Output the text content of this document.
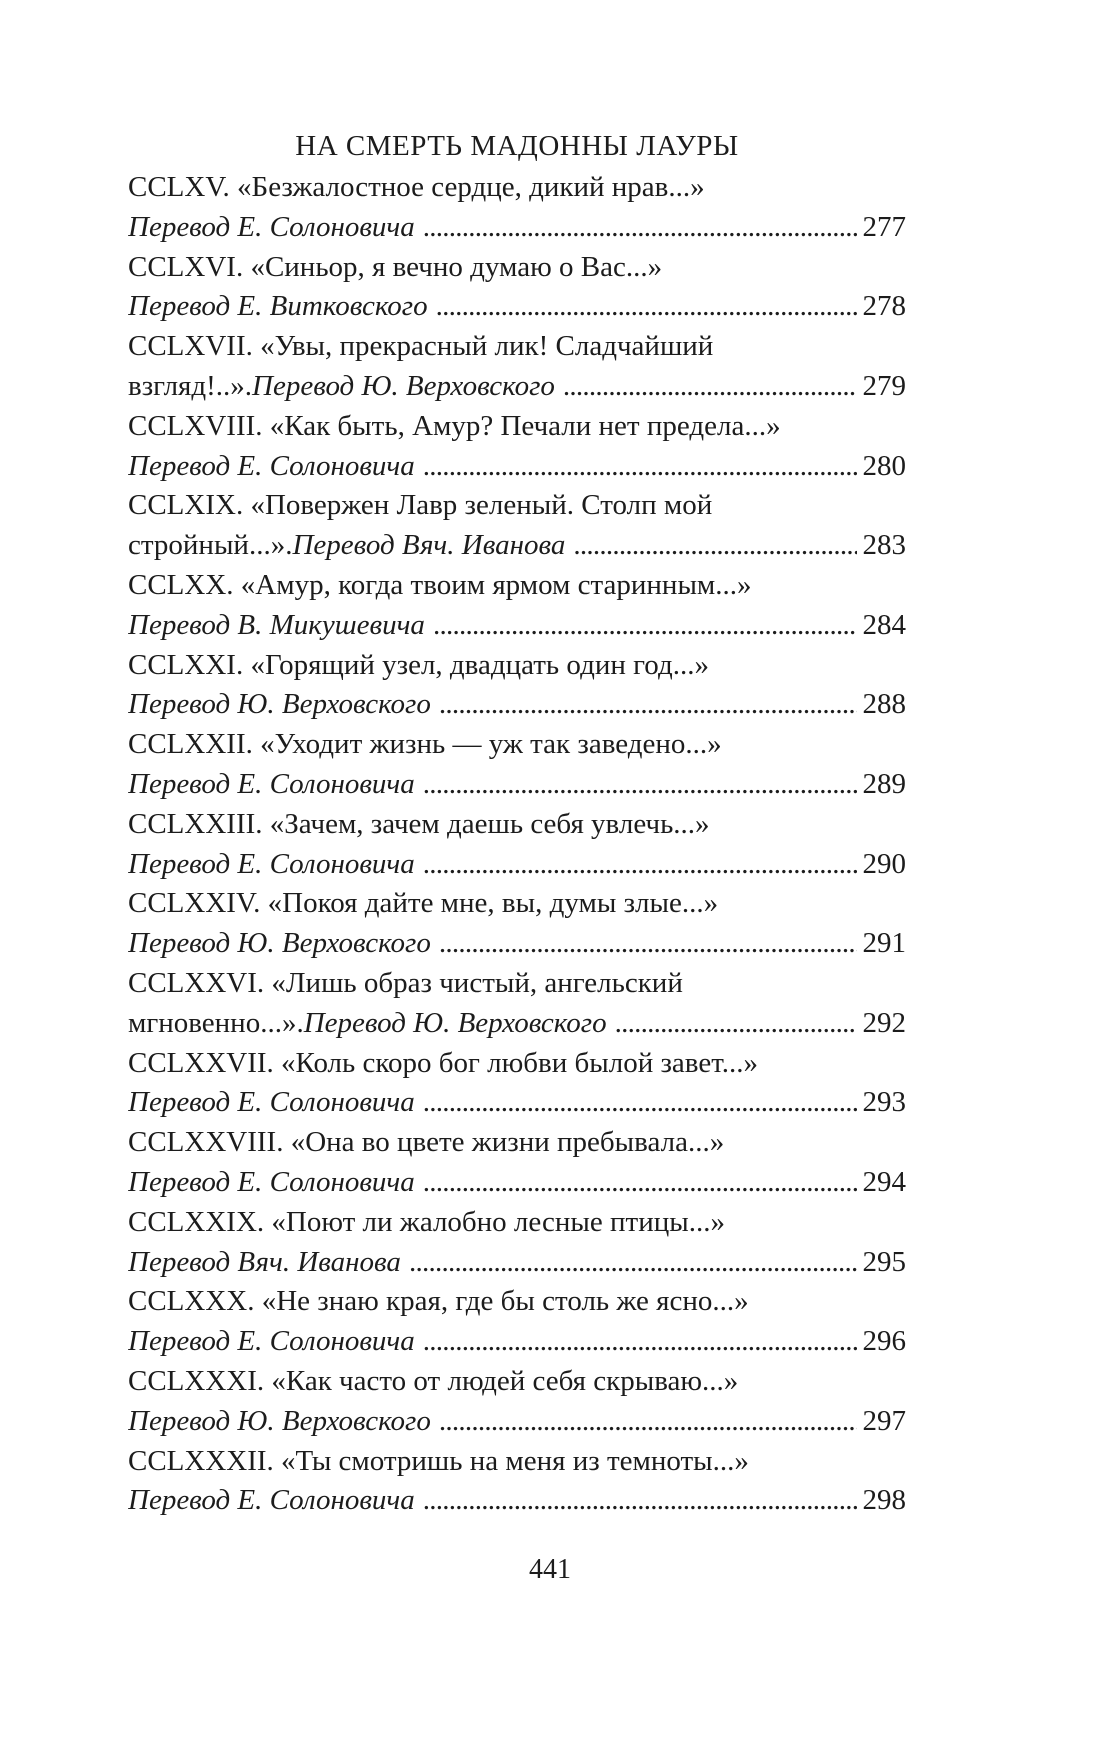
НА СМЕРТЬ МАДОННЫ ЛАУРЫ
CCLXV. «Безжалостное сердце, дикий нрав...»
Перевод Е. Солоновича . . .	277
CCLXVI. «Синьор, я вечно думаю о Вас...»
Перевод Е. Витковского . . .	278
CCLXVII. «Увы, прекрасный лик! Сладчайший
взгляд!..». Перевод Ю. Верховского . . .	279
CCLXVIII. «Как быть, Амур? Печали нет предела...»
Перевод Е. Солоновича . . .	280
CCLXIX. «Повержен Лавр зеленый. Столп мой
стройный...». Перевод Вяч. Иванова . . .	283
CCLXX. «Амур, когда твоим ярмом старинным...»
Перевод В. Микушевича . . .	284
CCLXXI. «Горящий узел, двадцать один год...»
Перевод Ю. Верховского . . .	288
CCLXXII. «Уходит жизнь — уж так заведено...»
Перевод Е. Солоновича . . .	289
CCLXXIII. «Зачем, зачем даешь себя увлечь...»
Перевод Е. Солоновича . . .	290
CCLXXIV. «Покоя дайте мне, вы, думы злые...»
Перевод Ю. Верховского . . .	291
CCLXXVI. «Лишь образ чистый, ангельский
мгновенно...». Перевод Ю. Верховского . . .	292
CCLXXVII. «Коль скоро бог любви былой завет...»
Перевод Е. Солоновича . . .	293
CCLXXVIII. «Она во цвете жизни пребывала...»
Перевод Е. Солоновича . . .	294
CCLXXIX. «Поют ли жалобно лесные птицы...»
Перевод Вяч. Иванова . . .	295
CCLXXX. «Не знаю края, где бы столь же ясно...»
Перевод Е. Солоновича . . .	296
CCLXXXI. «Как часто от людей себя скрываю...»
Перевод Ю. Верховского . . .	297
CCLXXXII. «Ты смотришь на меня из темноты...»
Перевод Е. Солоновича . . .	298
441
